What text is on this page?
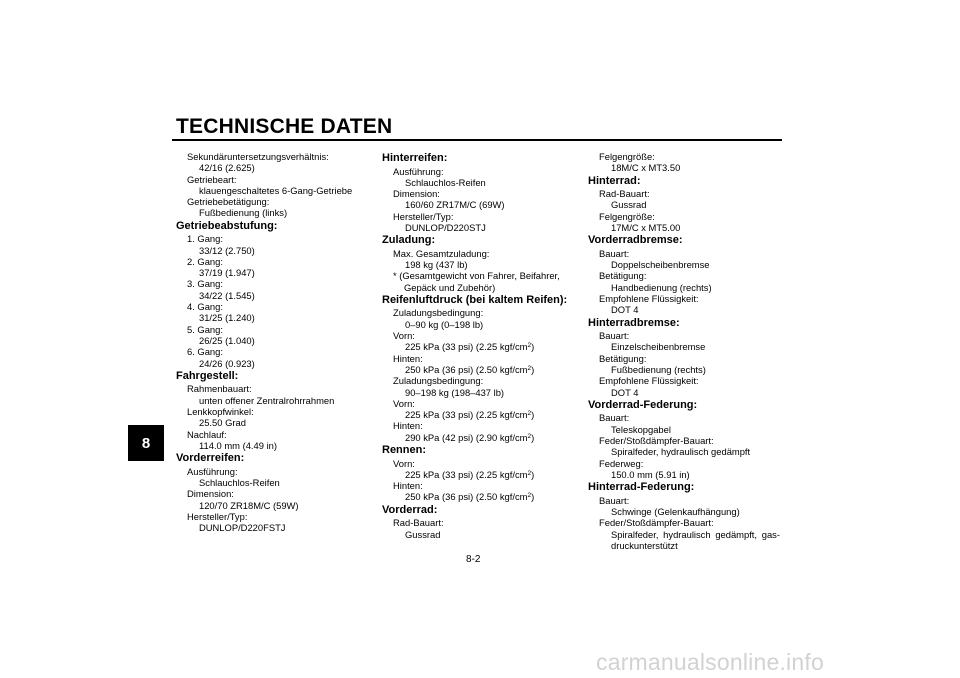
TECHNISCHE DATEN
8
Sekundäruntersetzungsverhältnis:
42/16 (2.625)
Getriebeart:
klauengeschaltetes 6-Gang-Getriebe
Getriebebetätigung:
Fußbedienung (links)
Getriebeabstufung:
1. Gang:
33/12 (2.750)
2. Gang:
37/19 (1.947)
3. Gang:
34/22 (1.545)
4. Gang:
31/25 (1.240)
5. Gang:
26/25 (1.040)
6. Gang:
24/26 (0.923)
Fahrgestell:
Rahmenbauart:
unten offener Zentralrohrrahmen
Lenkkopfwinkel:
25.50 Grad
Nachlauf:
114.0 mm (4.49 in)
Vorderreifen:
Ausführung:
Schlauchlos-Reifen
Dimension:
120/70 ZR18M/C (59W)
Hersteller/Typ:
DUNLOP/D220FSTJ
Hinterreifen:
Ausführung:
Schlauchlos-Reifen
Dimension:
160/60 ZR17M/C (69W)
Hersteller/Typ:
DUNLOP/D220STJ
Zuladung:
Max. Gesamtzuladung:
198 kg (437 lb)
* (Gesamtgewicht von Fahrer, Beifahrer,
Gepäck und Zubehör)
Reifenluftdruck (bei kaltem Reifen):
Zuladungsbedingung:
0–90 kg (0–198 lb)
Vorn:
225 kPa (33 psi) (2.25 kgf/$cm^2$)
Hinten:
250 kPa (36 psi) (2.50 kgf/$cm^2$)
Zuladungsbedingung:
90–198 kg (198–437 lb)
Vorn:
225 kPa (33 psi) (2.25 kgf/$cm^2$)
Hinten:
290 kPa (42 psi) (2.90 kgf/$cm^2$)
Rennen:
Vorn:
225 kPa (33 psi) (2.25 kgf/$cm^2$)
Hinten:
250 kPa (36 psi) (2.50 kgf/$cm^2$)
Vorderrad:
Rad-Bauart:
Gussrad
Felgengröße:
18M/C x MT3.50
Hinterrad:
Rad-Bauart:
Gussrad
Felgengröße:
17M/C x MT5.00
Vorderradbremse:
Bauart:
Doppelscheibenbremse
Betätigung:
Handbedienung (rechts)
Empfohlene Flüssigkeit:
DOT 4
Hinterradbremse:
Bauart:
Einzelscheibenbremse
Betätigung:
Fußbedienung (rechts)
Empfohlene Flüssigkeit:
DOT 4
Vorderrad-Federung:
Bauart:
Teleskopgabel
Feder/Stoßdämpfer-Bauart:
Spiralfeder, hydraulisch gedämpft
Federweg:
150.0 mm (5.91 in)
Hinterrad-Federung:
Bauart:
Schwinge (Gelenkaufhängung)
Feder/Stoßdämpfer-Bauart:
Spiralfeder, hydraulisch gedämpft, gas-druckunterstützt
8-2
carmanualsonline.info
